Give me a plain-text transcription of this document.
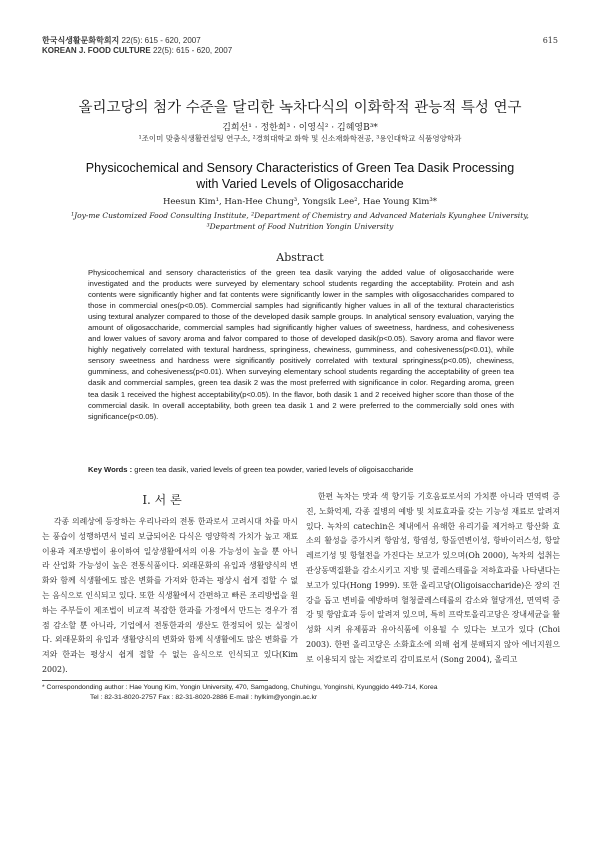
한국식생활문화학회지 22(5): 615 - 620, 2007
KOREAN J. FOOD CULTURE 22(5): 615 - 620, 2007
615
올리고당의 첨가 수준을 달리한 녹차다식의 이화학적 관능적 특성 연구
김희선¹ · 정한희³ · 이영식² · 김혜영B³*
¹조이미 맞춤식생활컨설팅 연구소, ²경희대학교 화학 및 신소재화학전공, ³용인대학교 식품영양학과
Physicochemical and Sensory Characteristics of Green Tea Dasik Processing
with Varied Levels of Oligosaccharide
Heesun Kim¹, Han-Hee Chung³, Yongsik Lee², Hae Young Kim³*
¹Joy-me Customized Food Consulting Institute, ²Department of Chemistry and Advanced Materials Kyunghee University,
³Department of Food Nutrition Yongin University
Abstract
Physicochemical and sensory characteristics of the green tea dasik varying the added value of oligosaccharide were investigated and the products were surveyed by elementary school students regarding the acceptability. Protein and ash contents were significantly higher and fat contents were significantly lower in the samples with oligosaccharides compared to those in commercial ones(p<0.05). Commercial samples had significantly higher values in all of the textural characteristics using textural analyzer compared to those of the developed dasik sample groups. In analytical sensory evaluation, varying the amount of oligosaccharide, commercial samples had significantly higher values of sweetness, hardness, and cohesiveness and lower values of savory aroma and falvor compared to those of developed dasik(p<0.05). Savory aroma and flavor were highly negatively correlated with textural hardness, springiness, chewiness, gumminess, and cohesiveness(p<0.01), while sensory sweetness and hardness were significantly positively correlated with textural springiness(p<0.05), chewiness, gumminess, and cohesiveness(p<0.01). When surveying elementary school students regarding the acceptability of green tea dasik and commercial samples, green tea dasik 2 was the most preferred with significance in color. Regarding aroma, green tea dasik 1 received the highest acceptability(p<0.05). In the flavor, both dasik 1 and 2 received higher score than those of the commercial dasik. In overall acceptability, both green tea dasik 1 and 2 were preferred to the commercially sold ones with significance(p<0.05).
Key Words : green tea dasik, varied levels of green tea powder, varied levels of oligoisaccharide
I. 서 론
각종 의례상에 등장하는 우리나라의 전통 한과로서 고려시대 차를 마시는 풍습이 성행하면서 널리 보급되어온 다식은 영양학적 가치가 높고 재료이용과 제조방법이 용이하여 일상생활에서의 이용 가능성이 높을 뿐 아니라 산업화 가능성이 높은 전통식품이다. 외래문화의 유입과 생활양식의 변화와 함께 식생활에도 많은 변화를 가져와 한과는 평상시 쉽게 접할 수 없는 음식으로 인식되고 있다. 또한 식생활에서 간편하고 빠른 조리방법을 원하는 주부들이 제조법이 비교적 복잡한 한과를 가정에서 만드는 경우가 점점 감소할 뿐 아니라, 기업에서 전통한과의 생산도 한정되어 있는 실정이다. 외래문화의 유입과 생활양식의 변화와 함께 식생활에도 많은 변화를 가져와 한과는 평상시 쉽게 접할 수 없는 음식으로 인식되고 있다(Kim 2002).
한편 녹차는 맛과 색 향기등 기호음료로서의 가치뿐 아니라 면역력 증진, 노화억제, 각종 질병의 예방 및 치료효과를 갖는 기능성 재료로 알려져 있다. 녹차의 catechin은 체내에서 유해한 유리기를 제거하고 항산화 효소의 활성을 증가시켜 항암성, 항염성, 항돌연변이성, 항바이러스성, 항알레르기성 및 항혈전을 가진다는 보고가 있으며(Oh 2000), 녹차의 섭취는 관상동맥질환을 감소시키고 지방 및 콜레스테롤을 저하효과를 나타낸다는 보고가 있다(Hong 1999). 또한 올리고당(Oligoisaccharide)은 장의 건강을 돕고 변비를 예방하며 혈청콜레스테롤의 감소와 혈당개선, 면역력 증강 및 항암효과 등이 알려져 있으며, 특히 프락토올리고당은 장내세균을 활성화 시켜 유제품과 유아식품에 이용될 수 있다는 보고가 있다 (Choi 2003). 한편 올리고당은 소화효소에 의해 쉽게 분해되지 않아 에너지원으로 이용되지 않는 저칼로리 감미료로서 (Song 2004), 올리고
* Correspondonding author : Hae Young Kim, Yongin University, 470, Samgadong, Chuhingu, Yonginshi, Kyunggido 449-714, Korea
Tel : 82-31-8020-2757 Fax : 82-31-8020-2886 E-mail : hylkim@yongin.ac.kr
